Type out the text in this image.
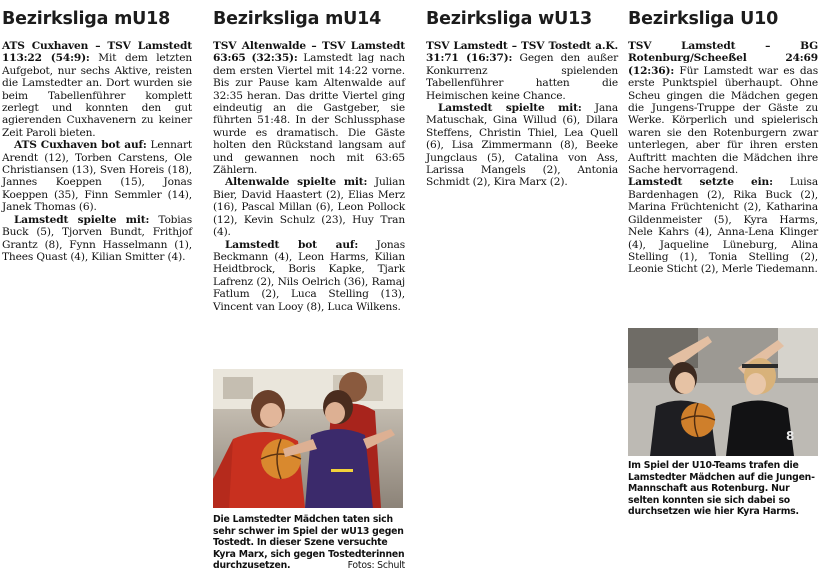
Bezirksliga mU18

ATS Cuxhaven – TSV Lamstedt 113:22 (54:9): Mit dem letzten Aufgebot, nur sechs Aktive, reisten die Lamstedter an. Dort wurden sie beim Tabellenführer komplett zerlegt und konnten den gut agierenden Cuxhavenern zu keiner Zeit Paroli bieten.

ATS Cuxhaven bot auf: Lennart Arendt (12), Torben Carstens, Ole Christiansen (13), Sven Horeis (18), Jannes Koeppen (15), Jonas Koeppen (35), Finn Semmler (14), Janek Thomas (6).

Lamstedt spielte mit: Tobias Buck (5), Tjorven Bundt, Frithjof Grantz (8), Fynn Hasselmann (1), Thees Quast (4), Kilian Smitter (4).

Bezirksliga mU14

TSV Altenwalde – TSV Lamstedt 63:65 (32:35): Lamstedt lag nach dem ersten Viertel mit 14:22 vorne. Bis zur Pause kam Altenwalde auf 32:35 heran. Das dritte Viertel ging eindeutig an die Gastgeber, sie führten 51:48. In der Schlussphase wurde es dramatisch. Die Gäste holten den Rückstand langsam auf und gewannen noch mit 63:65 Zählern.

Altenwalde spielte mit: Julian Bier, David Haastert (2), Elias Merz (16), Pascal Millan (6), Leon Pollock (12), Kevin Schulz (23), Huy Tran (4).

Lamstedt bot auf: Jonas Beckmann (4), Leon Harms, Kilian Heidtbrock, Boris Kapke, Tjark Lafrenz (2), Nils Oelrich (36), Ramaj Fatlum (2), Luca Stelling (13), Vincent van Looy (8), Luca Wilkens.

Bezirksliga wU13

TSV Lamstedt – TSV Tostedt a.K. 31:71 (16:37): Gegen den außer Konkurrenz spielenden Tabellenführer hatten die Heimischen keine Chance.

Lamstedt spielte mit: Jana Matuschak, Gina Willud (6), Dilara Steffens, Christin Thiel, Lea Quell (6), Lisa Zimmermann (8), Beeke Jungclaus (5), Catalina von Ass, Larissa Mangels (2), Antonia Schmidt (2), Kira Marx (2).

Bezirksliga U10

TSV Lamstedt – BG Rotenburg/Scheeßel 24:69 (12:36): Für Lamstedt war es das erste Punktspiel überhaupt. Ohne Scheu gingen die Mädchen gegen die Jungens-Truppe der Gäste zu Werke. Körperlich und spielerisch waren sie den Rotenburgern zwar unterlegen, aber für ihren ersten Auftritt machten die Mädchen ihre Sache hervorragend.

Lamstedt setzte ein: Luisa Bardenhagen (2), Rika Buck (2), Marina Früchtenicht (2), Katharina Gildenmeister (5), Kyra Harms, Nele Kahrs (4), Anna-Lena Klinger (4), Jaqueline Lüneburg, Alina Stelling (1), Tonia Stelling (2), Leonie Sticht (2), Merle Tiedemann.

8
Die Lamstedter Mädchen taten sich sehr schwer im Spiel der wU13 gegen Tostedt. In dieser Szene versuchte Kyra Marx, sich gegen Tostedterinnen durchzusetzen.	Fotos: Schult
Im Spiel der U10-Teams trafen die Lamstedter Mädchen auf die Jungen-Mannschaft aus Rotenburg. Nur selten konnten sie sich dabei so durchsetzen wie hier Kyra Harms.
